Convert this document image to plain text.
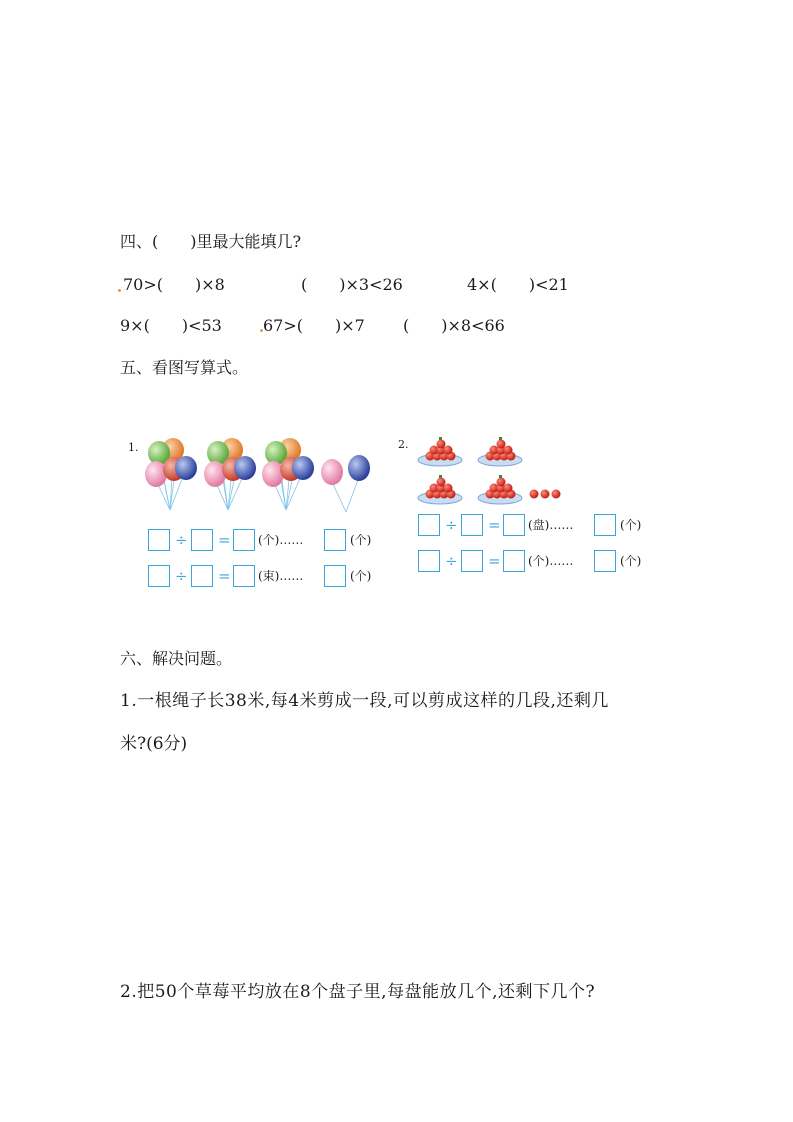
四、(　　)里最大能填几?
70>(　　)×8	(　　)×3<26	4×(　　)<21
9×(　　)<53	67>(　　)×7 (　　)×8<66
五、看图写算式。
1.
÷ = (个)……	(个)
÷ = (束)……	(个)
2.
÷ = (盘)……	(个)
÷ = (个)……	(个)
六、解决问题。
1.一根绳子长38米,每4米剪成一段,可以剪成这样的几段,还剩几
米?(6分)
2.把50个草莓平均放在8个盘子里,每盘能放几个,还剩下几个?
